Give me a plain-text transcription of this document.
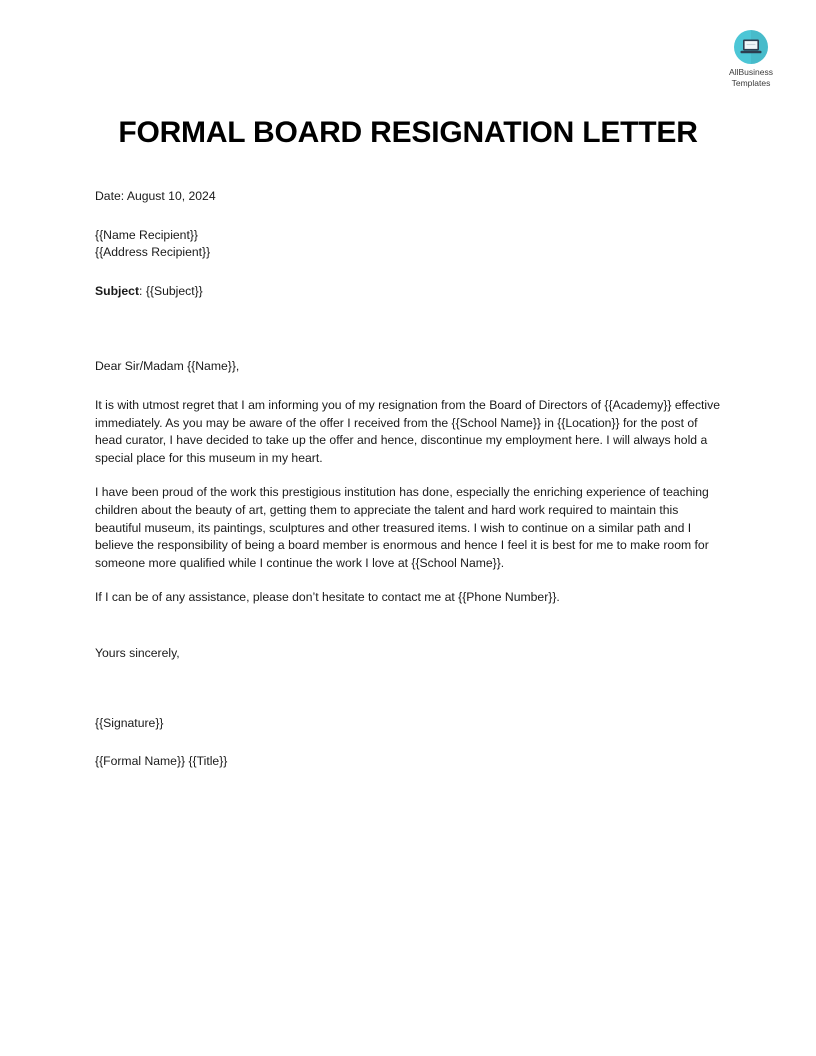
AllBusiness
Templates
FORMAL BOARD RESIGNATION LETTER
Date: August 10, 2024
{{Name Recipient}}
{{Address Recipient}}
Subject: {{Subject}}
Dear Sir/Madam {{Name}},

It is with utmost regret that I am informing you of my resignation from the Board of Directors of {{Academy}} effective immediately. As you may be aware of the offer I received from the {{School Name}} in {{Location}} for the post of head curator, I have decided to take up the offer and hence, discontinue my employment here. I will always hold a special place for this museum in my heart.

I have been proud of the work this prestigious institution has done, especially the enriching experience of teaching children about the beauty of art, getting them to appreciate the talent and hard work required to maintain this beautiful museum, its paintings, sculptures and other treasured items. I wish to continue on a similar path and I believe the responsibility of being a board member is enormous and hence I feel it is best for me to make room for someone more qualified while I continue the work I love at {{School Name}}.

If I can be of any assistance, please don’t hesitate to contact me at {{Phone Number}}.

Yours sincerely,
{{Signature}}
{{Formal Name}} {{Title}}
